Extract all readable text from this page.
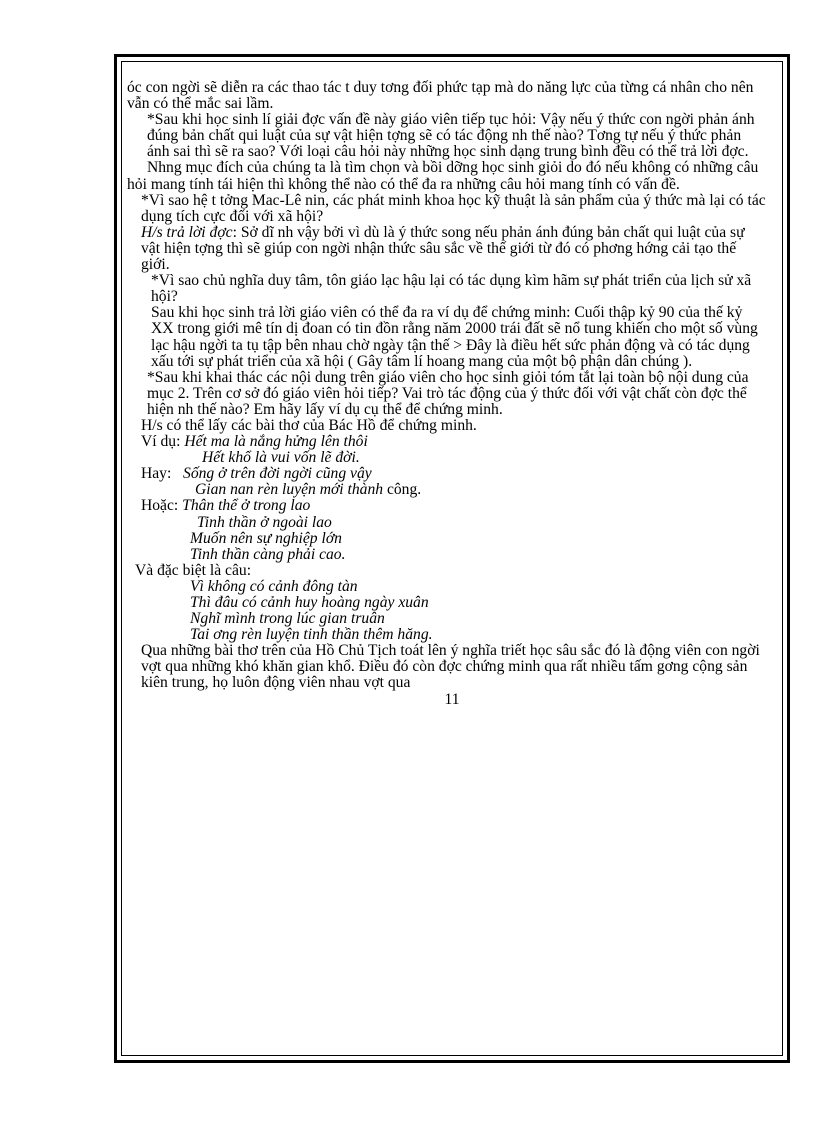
óc con ngời sẽ diễn ra các thao tác t duy tơng đối phức tạp mà do năng lực của từng cá nhân cho nên vẫn có thể mắc sai lầm.

*Sau khi học sinh lí giải đợc vấn đề này giáo viên tiếp tục hỏi: Vậy nếu ý thức con ngời phản ánh đúng bản chất qui luật của sự vật hiện tợng sẽ có tác động nh thế nào? Tơng tự nếu ý thức phản ánh sai thì sẽ ra sao? Với loại câu hỏi này những học sinh dạng trung bình đều có thể trả lời đợc. Nhng mục đích của chúng ta là tìm chọn và bồi dỡng học sinh giỏi do đó nếu không có những câu

hỏi mang tính tái hiện thì không thể nào có thể đa ra những câu hỏi mang tính có vấn đề.

*Vì sao hệ t tởng Mac-Lê nin, các phát minh khoa học kỹ thuật là sản phẩm của ý thức mà lại có tác dụng tích cực đối với xã hội?

H/s trả lời đợc: Sở dĩ nh vậy bởi vì dù là ý thức song nếu phản ánh đúng bản chất qui luật của sự vật hiện tợng thì sẽ giúp con ngời nhận thức sâu sắc về thế giới từ đó có phơng hớng cải tạo thế giới.

*Vì sao chủ nghĩa duy tâm, tôn giáo lạc hậu lại có tác dụng kìm hãm sự phát triển của lịch sử xã hội?

Sau khi học sinh trả lời giáo viên có thể đa ra ví dụ để chứng minh: Cuối thập kỷ 90 của thế kỷ XX trong giới mê tín dị đoan có tin đồn rằng năm 2000 trái đất sẽ nổ tung khiến cho một số vùng lạc hậu ngời ta tụ tập bên nhau chờ ngày tận thế > Đây là điều hết sức phản động và có tác dụng xấu tới sự phát triển của xã hội ( Gây tâm lí hoang mang của một bộ phận dân chúng ).

*Sau khi khai thác các nội dung trên giáo viên cho học sinh giỏi tóm tắt lại toàn bộ nội dung của mục 2. Trên cơ sở đó giáo viên hỏi tiếp? Vai trò tác động của ý thức đối với vật chất còn đợc thể hiện nh thế nào? Em hãy lấy ví dụ cụ thể để chứng minh.

H/s có thể lấy các bài thơ của Bác Hồ để chứng minh.

Ví dụ: Hết ma là nắng hửng lên thôi

Hết khổ là vui vốn lẽ đời.

Hay: Sống ở trên đời ngời cũng vậy

Gian nan rèn luyện mới thành công.

Hoặc: Thân thể ở trong lao

Tinh thần ở ngoài lao

Muốn nên sự nghiệp lớn

Tinh thần càng phải cao.

Và đặc biệt là câu:

Vì không có cảnh đông tàn

Thì đâu có cảnh huy hoàng ngày xuân

Nghĩ mình trong lúc gian truân

Tai ơng rèn luyện tinh thần thêm hăng.

Qua những bài thơ trên của Hồ Chủ Tịch toát lên ý nghĩa triết học sâu sắc đó là động viên con ngời vợt qua những khó khăn gian khổ. Điều đó còn đợc chứng minh qua rất nhiều tấm gơng cộng sản kiên trung, họ luôn động viên nhau vợt qua

11
